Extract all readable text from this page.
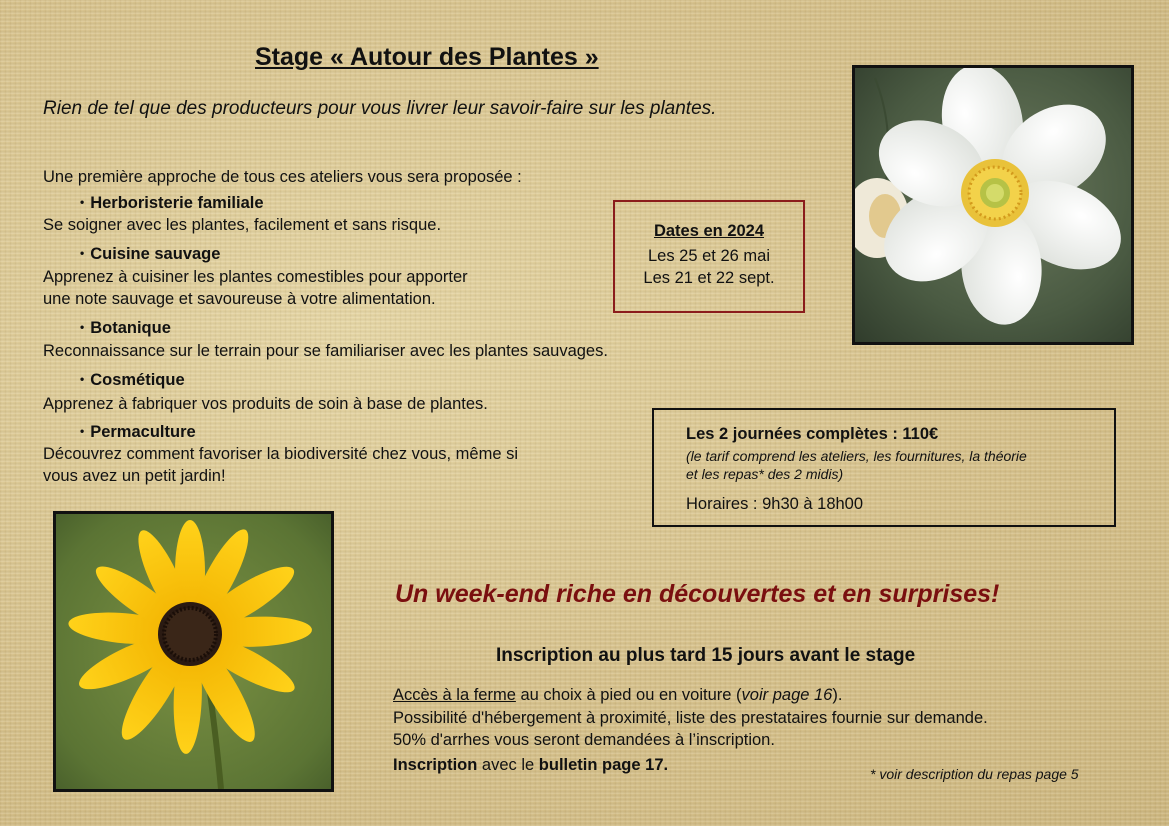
Stage « Autour des Plantes »
Rien de tel que des producteurs pour vous livrer leur savoir-faire sur les plantes.
Une première approche de tous ces ateliers vous sera proposée :
• Herboristerie familiale
Se soigner avec les plantes, facilement et sans risque.
• Cuisine sauvage
Apprenez à cuisiner les plantes comestibles pour apporter
une note sauvage et savoureuse à votre alimentation.
• Botanique
Reconnaissance sur le terrain pour se familiariser avec les plantes sauvages.
• Cosmétique
Apprenez à fabriquer vos produits de soin à base de plantes.
• Permaculture
Découvrez comment favoriser la biodiversité chez vous, même si
vous avez un petit jardin!
Dates en 2024
Les 25 et 26 mai
Les 21 et 22 sept.
Les 2 journées complètes : 110€
(le tarif comprend les ateliers, les fournitures, la théorie
et les repas* des 2 midis)
Horaires : 9h30 à 18h00
Un week-end riche en découvertes et en surprises!
Inscription au plus tard 15 jours avant le stage
Accès à la ferme au choix à pied ou en voiture (voir page 16).
Possibilité d'hébergement à proximité, liste des prestataires fournie sur demande.
50% d'arrhes vous seront demandées à l’inscription.
Inscription avec le bulletin page 17.
* voir description du repas page 5
